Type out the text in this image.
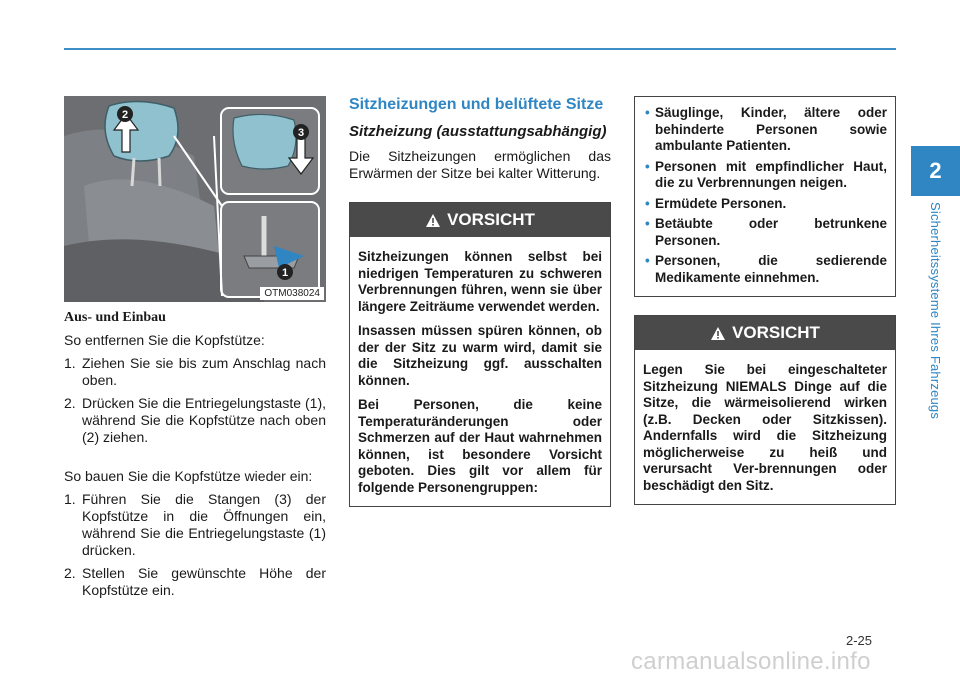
2
Sicherheitssysteme Ihres Fahrzeugs
2
3
1
OTM038024
Aus- und Einbau

So entfernen Sie die Kopfstütze:

1. Ziehen Sie sie bis zum Anschlag nach oben.
2. Drücken Sie die Entriegelungstaste (1), während Sie die Kopfstütze nach oben (2) ziehen.

So bauen Sie die Kopfstütze wieder ein:

1. Führen Sie die Stangen (3) der Kopfstütze in die Öffnungen ein, während Sie die Entriegelungstaste (1) drücken.
2. Stellen Sie gewünschte Höhe der Kopfstütze ein.
Sitzheizungen und belüftete Sitze
Sitzheizung (ausstattungsabhängig)

Die Sitzheizungen ermöglichen das Erwärmen der Sitze bei kalter Witterung.

VORSICHT

Sitzheizungen können selbst bei niedrigen Temperaturen zu schweren Verbrennungen führen, wenn sie über längere Zeiträume verwendet werden.

Insassen müssen spüren können, ob der der Sitz zu warm wird, damit sie die Sitzheizung ggf. ausschalten können.

Bei Personen, die keine Temperaturänderungen oder Schmerzen auf der Haut wahrnehmen können, ist besondere Vorsicht geboten. Dies gilt vor allem für folgende Personengruppen:

• Säuglinge, Kinder, ältere oder behinderte Personen sowie ambulante Patienten.
• Personen mit empfindlicher Haut, die zu Verbrennungen neigen.
• Ermüdete Personen.
• Betäubte oder betrunkene Personen.
• Personen, die sedierende Medikamente einnehmen.
VORSICHT

Legen Sie bei eingeschalteter Sitzheizung NIEMALS Dinge auf die Sitze, die wärmeisolierend wirken (z.B. Decken oder Sitzkissen). Andernfalls wird die Sitzheizung möglicherweise zu heiß und verursacht Ver-brennungen oder beschädigt den Sitz.

2-25
carmanualsonline.info
